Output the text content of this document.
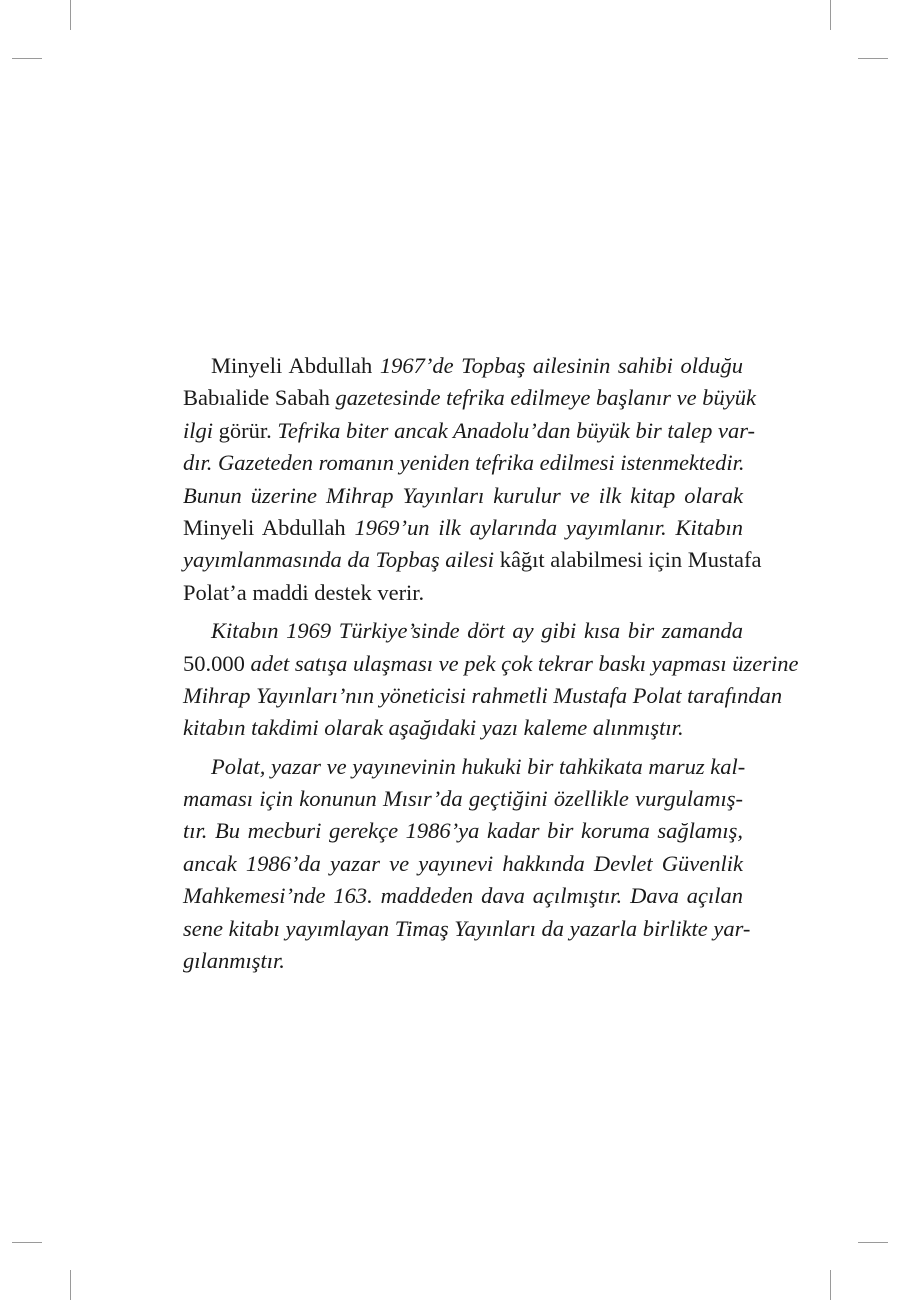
Minyeli Abdullah 1967’de Topbaş ailesinin sahibi olduğu
Babıalide Sabah gazetesinde tefrika edilmeye başlanır ve büyük
ilgi görür. Tefrika biter ancak Anadolu’dan büyük bir talep var-
dır. Gazeteden romanın yeniden tefrika edilmesi istenmektedir.
Bunun üzerine Mihrap Yayınları kurulur ve ilk kitap olarak
Minyeli Abdullah 1969’un ilk aylarında yayımlanır. Kitabın
yayımlanmasında da Topbaş ailesi kâğıt alabilmesi için Mustafa
Polat’a maddi destek verir.
Kitabın 1969 Türkiye’sinde dört ay gibi kısa bir zamanda
50.000 adet satışa ulaşması ve pek çok tekrar baskı yapması üzerine
Mihrap Yayınları’nın yöneticisi rahmetli Mustafa Polat tarafından
kitabın takdimi olarak aşağıdaki yazı kaleme alınmıştır.
Polat, yazar ve yayınevinin hukuki bir tahkikata maruz kal-
maması için konunun Mısır’da geçtiğini özellikle vurgulamış-
tır. Bu mecburi gerekçe 1986’ya kadar bir koruma sağlamış,
ancak 1986’da yazar ve yayınevi hakkında Devlet Güvenlik
Mahkemesi’nde 163. maddeden dava açılmıştır. Dava açılan
sene kitabı yayımlayan Timaş Yayınları da yazarla birlikte yar-
gılanmıştır.
